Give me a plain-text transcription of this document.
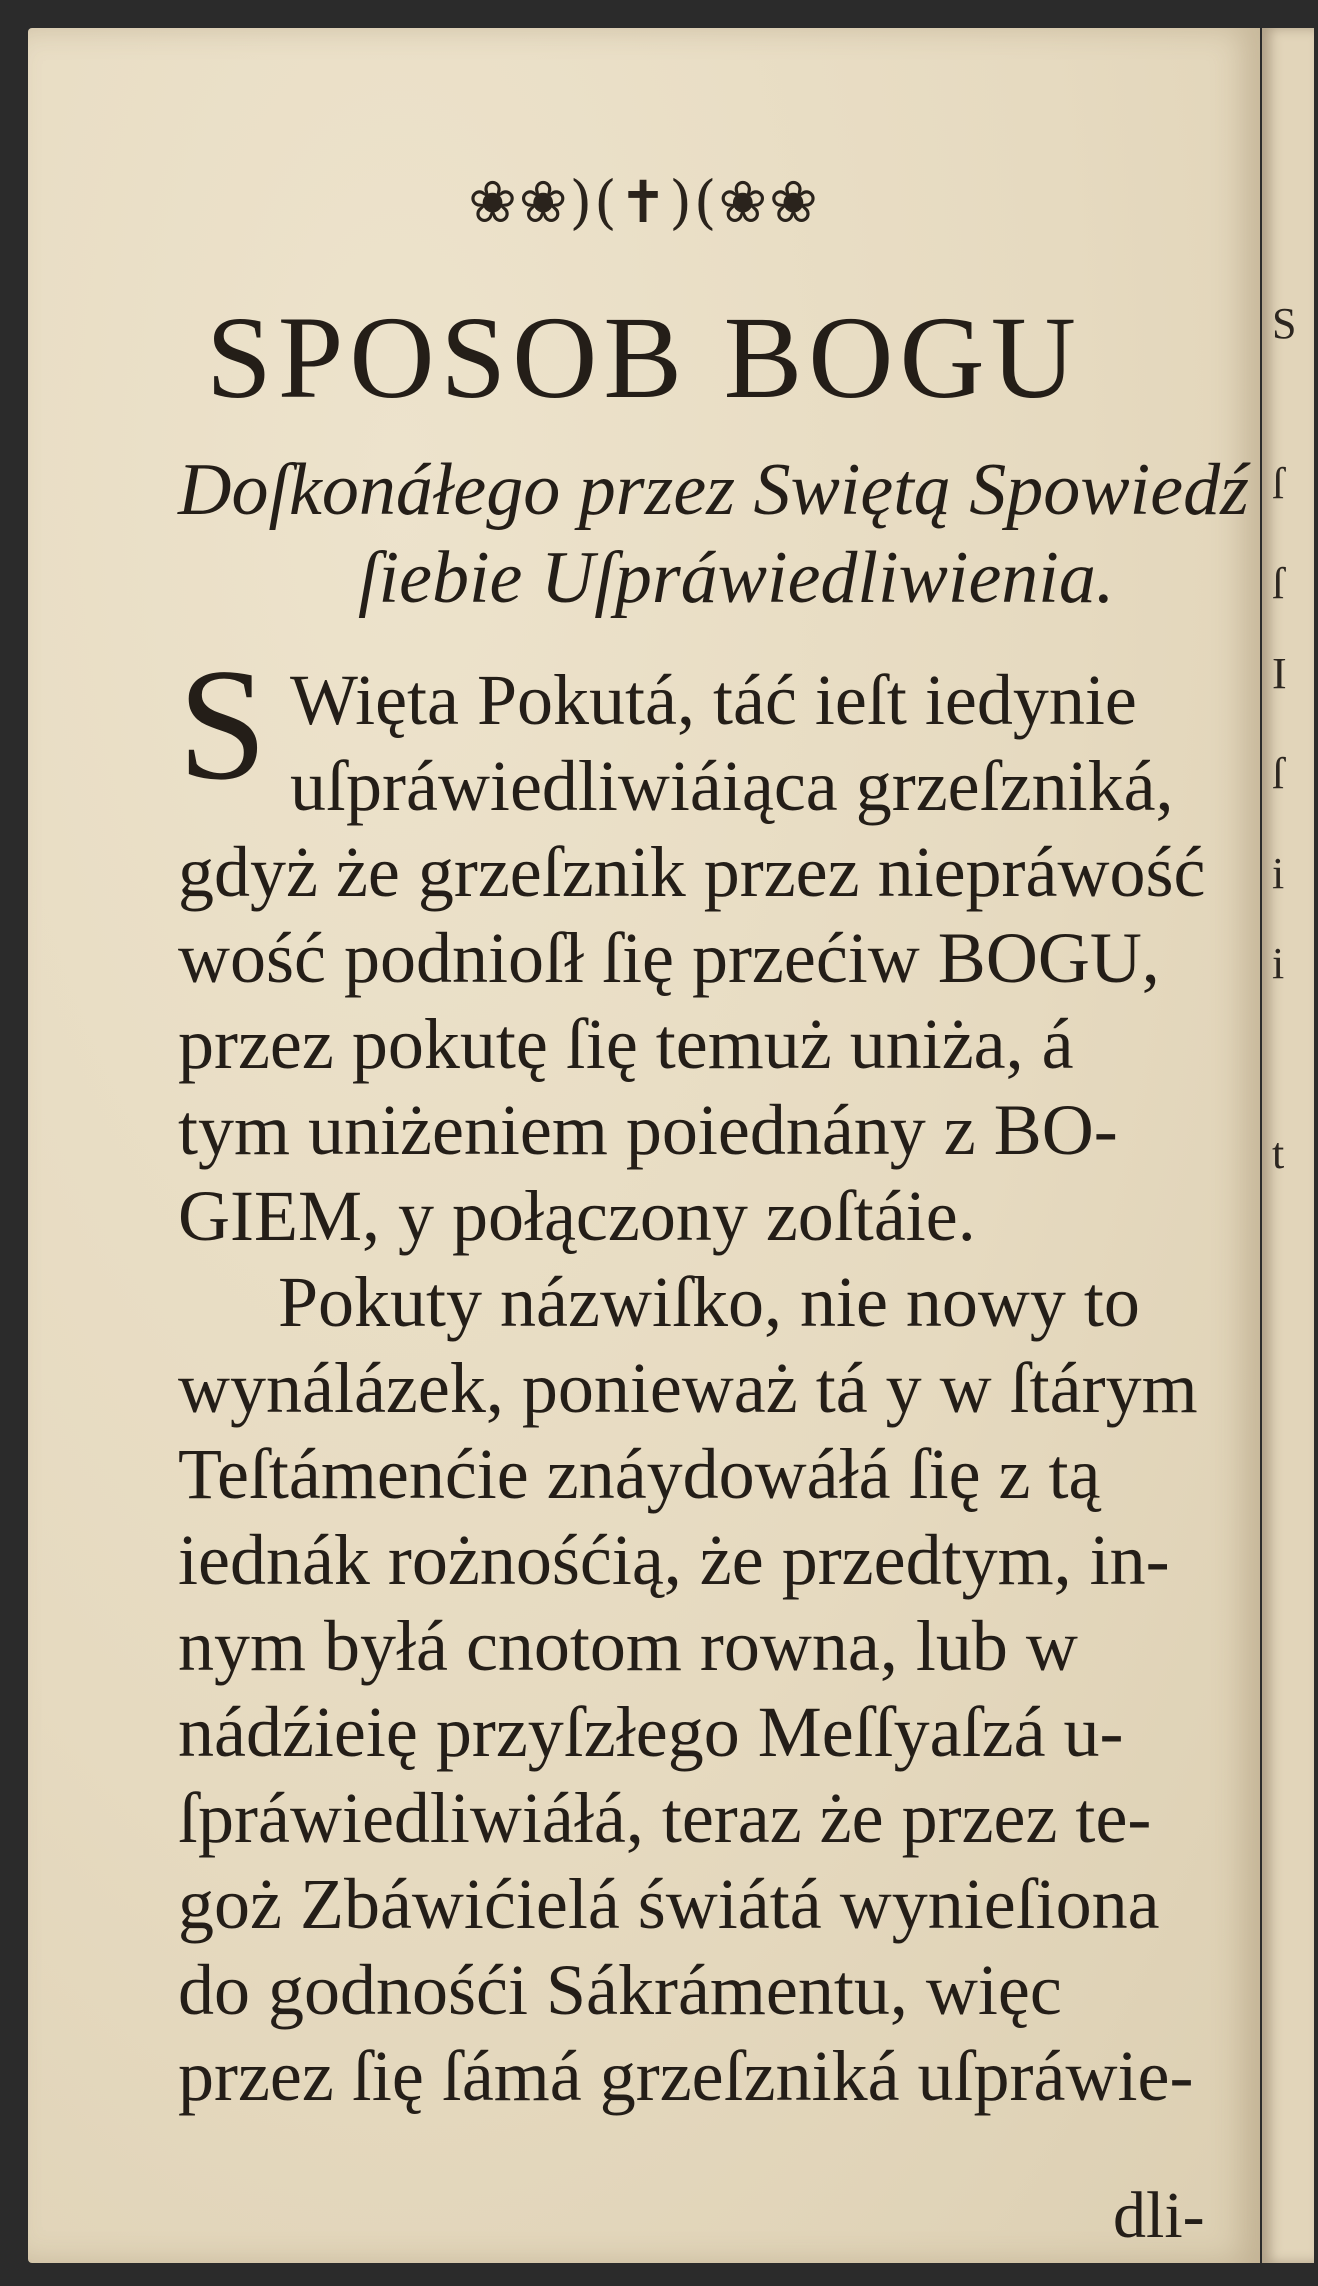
❀❀)(✝)(❀❀
SPOSOB BOGU
Doſkonáłego przez Swiętą Spowiedź
ſiebie Uſpráwiedliwienia.
S Więta Pokutá, táć ieſt iedynie
uſpráwiedliwiáiąca grzeſzniká,
gdyż że grzeſznik przez niepráwość
wość podnioſł ſię przećiw BOGU,
przez pokutę ſię temuż uniża, á
tym uniżeniem poiednány z BO-
GIEM, y połączony zoſtáie.
Pokuty názwiſko, nie nowy to
wynálázek, ponieważ tá y w ſtárym
Teſtámenćie znáydowáłá ſię z tą
iednák rożnośćią, że przedtym, in-
nym byłá cnotom rowna, lub w
nádźieię przyſzłego Meſſyaſzá u-
ſpráwiedliwiáłá, teraz że przez te-
goż Zbáwićielá świátá wynieſiona
do godnośći Sákrámentu, więc
przez ſię ſámá grzeſzniká uſpráwie-
dli-
S
ſ
ſ
I
ſ
i
i
t
